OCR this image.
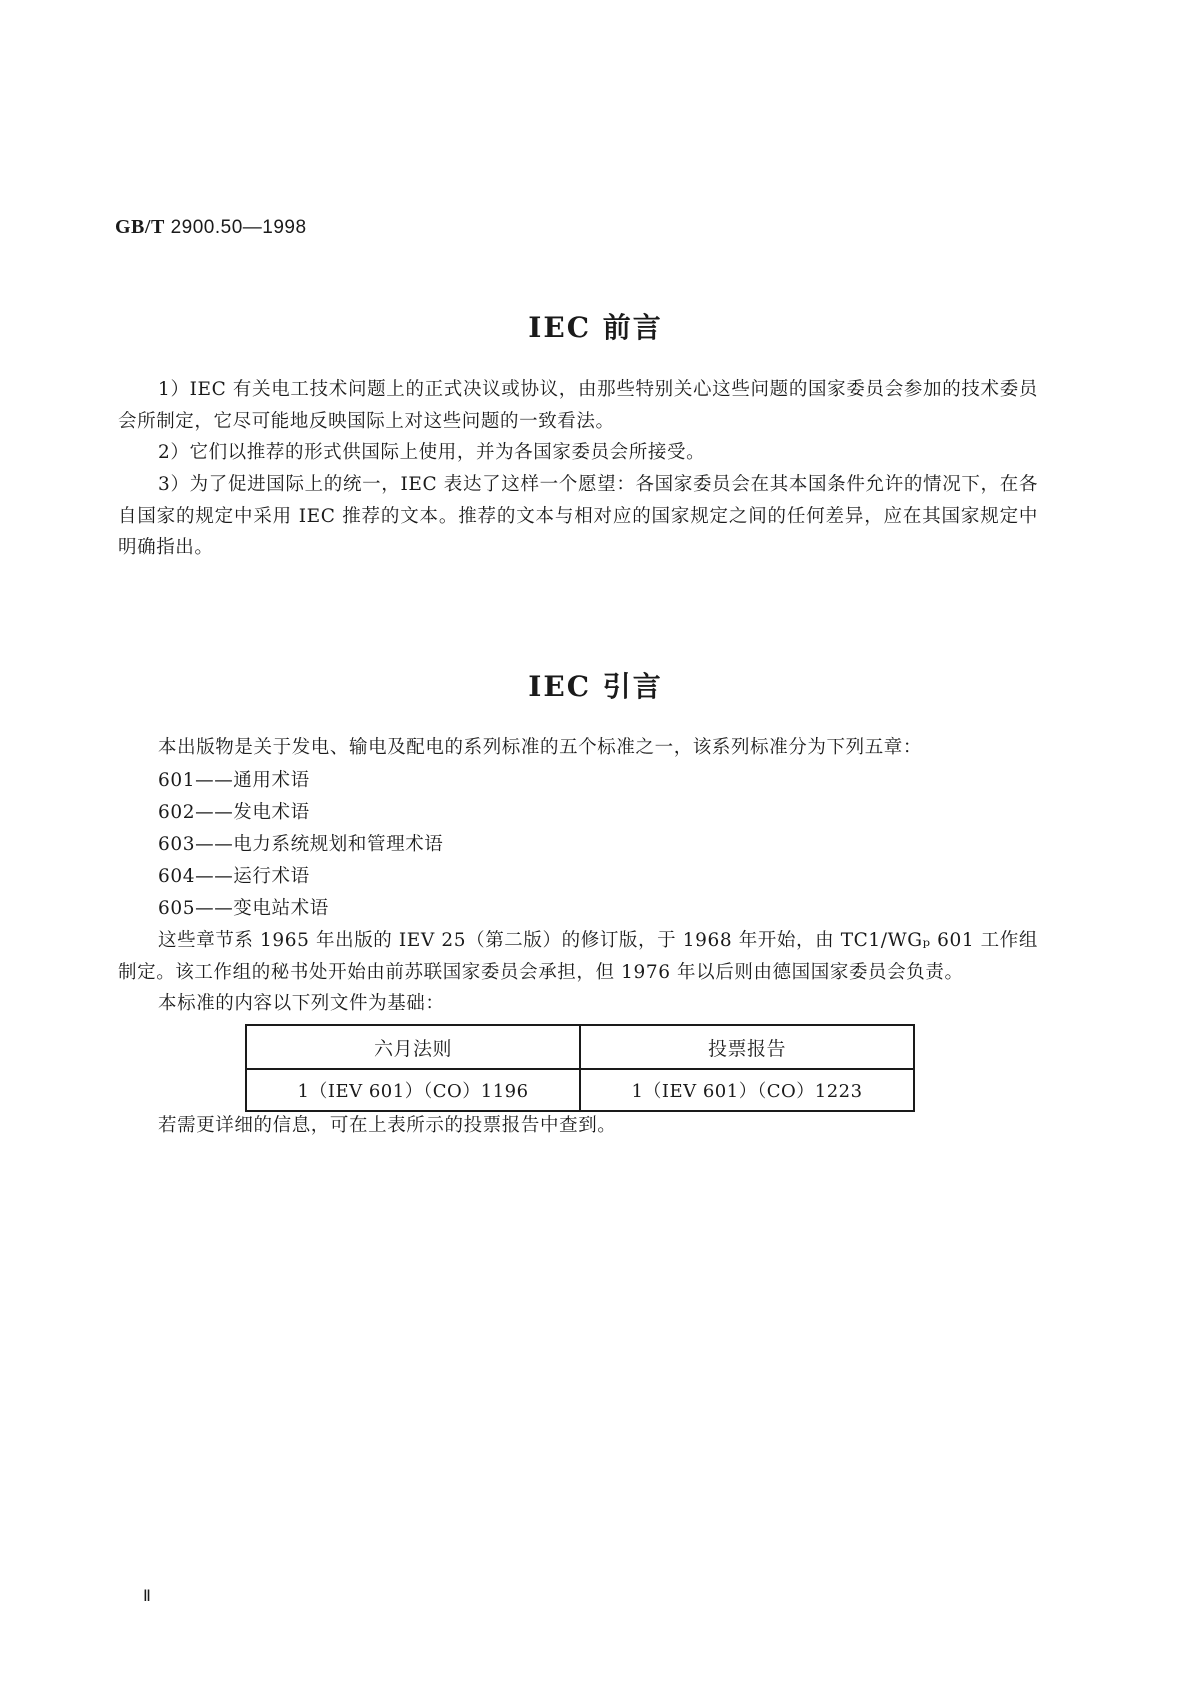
GB/T 2900.50—1998
IEC 前言
1）IEC 有关电工技术问题上的正式决议或协议，由那些特别关心这些问题的国家委员会参加的技术委员会所制定，它尽可能地反映国际上对这些问题的一致看法。
2）它们以推荐的形式供国际上使用，并为各国家委员会所接受。
3）为了促进国际上的统一，IEC 表达了这样一个愿望：各国家委员会在其本国条件允许的情况下，在各自国家的规定中采用 IEC 推荐的文本。推荐的文本与相对应的国家规定之间的任何差异，应在其国家规定中明确指出。
IEC 引言
本出版物是关于发电、输电及配电的系列标准的五个标准之一，该系列标准分为下列五章：
601——通用术语
602——发电术语
603——电力系统规划和管理术语
604——运行术语
605——变电站术语
这些章节系 1965 年出版的 IEV 25（第二版）的修订版，于 1968 年开始，由 TC1/WGₚ 601 工作组制定。该工作组的秘书处开始由前苏联国家委员会承担，但 1976 年以后则由德国国家委员会负责。
本标准的内容以下列文件为基础：
六月法则	投票报告
1（IEV 601）（CO）1196	1（IEV 601）（CO）1223
若需更详细的信息，可在上表所示的投票报告中查到。
Ⅱ
